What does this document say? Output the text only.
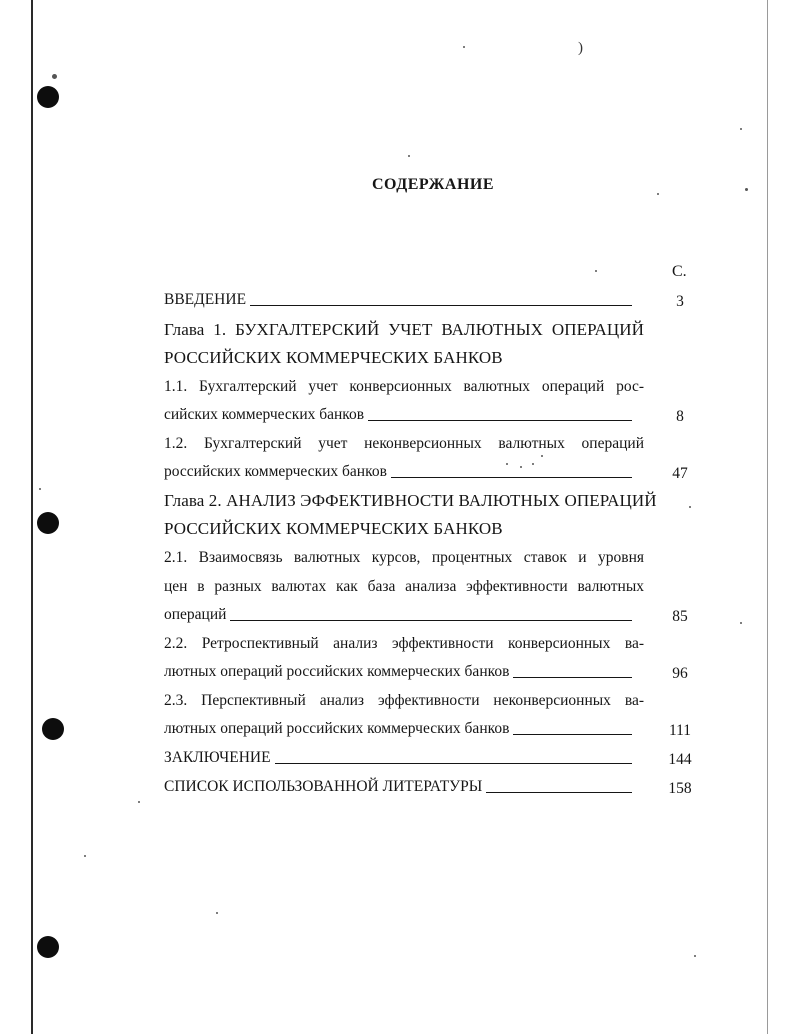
)
СОДЕРЖАНИЕ
С.
ВВЕДЕНИЕ	3
Глава 1. БУХГАЛТЕРСКИЙ УЧЕТ ВАЛЮТНЫХ ОПЕРАЦИЙ
РОССИЙСКИХ КОММЕРЧЕСКИХ БАНКОВ
1.1. Бухгалтерский учет конверсионных валютных операций рос-
сийских коммерческих банков	8
1.2. Бухгалтерский учет неконверсионных валютных операций
российских коммерческих банков	47
Глава 2. АНАЛИЗ ЭФФЕКТИВНОСТИ ВАЛЮТНЫХ ОПЕРАЦИЙ
РОССИЙСКИХ КОММЕРЧЕСКИХ БАНКОВ
2.1. Взаимосвязь валютных курсов, процентных ставок и уровня
цен в разных валютах как база анализа эффективности валютных
операций	85
2.2. Ретроспективный анализ эффективности конверсионных ва-
лютных операций российских коммерческих банков	96
2.3. Перспективный анализ эффективности неконверсионных ва-
лютных операций российских коммерческих банков	111
ЗАКЛЮЧЕНИЕ	144
СПИСОК ИСПОЛЬЗОВАННОЙ ЛИТЕРАТУРЫ	158
